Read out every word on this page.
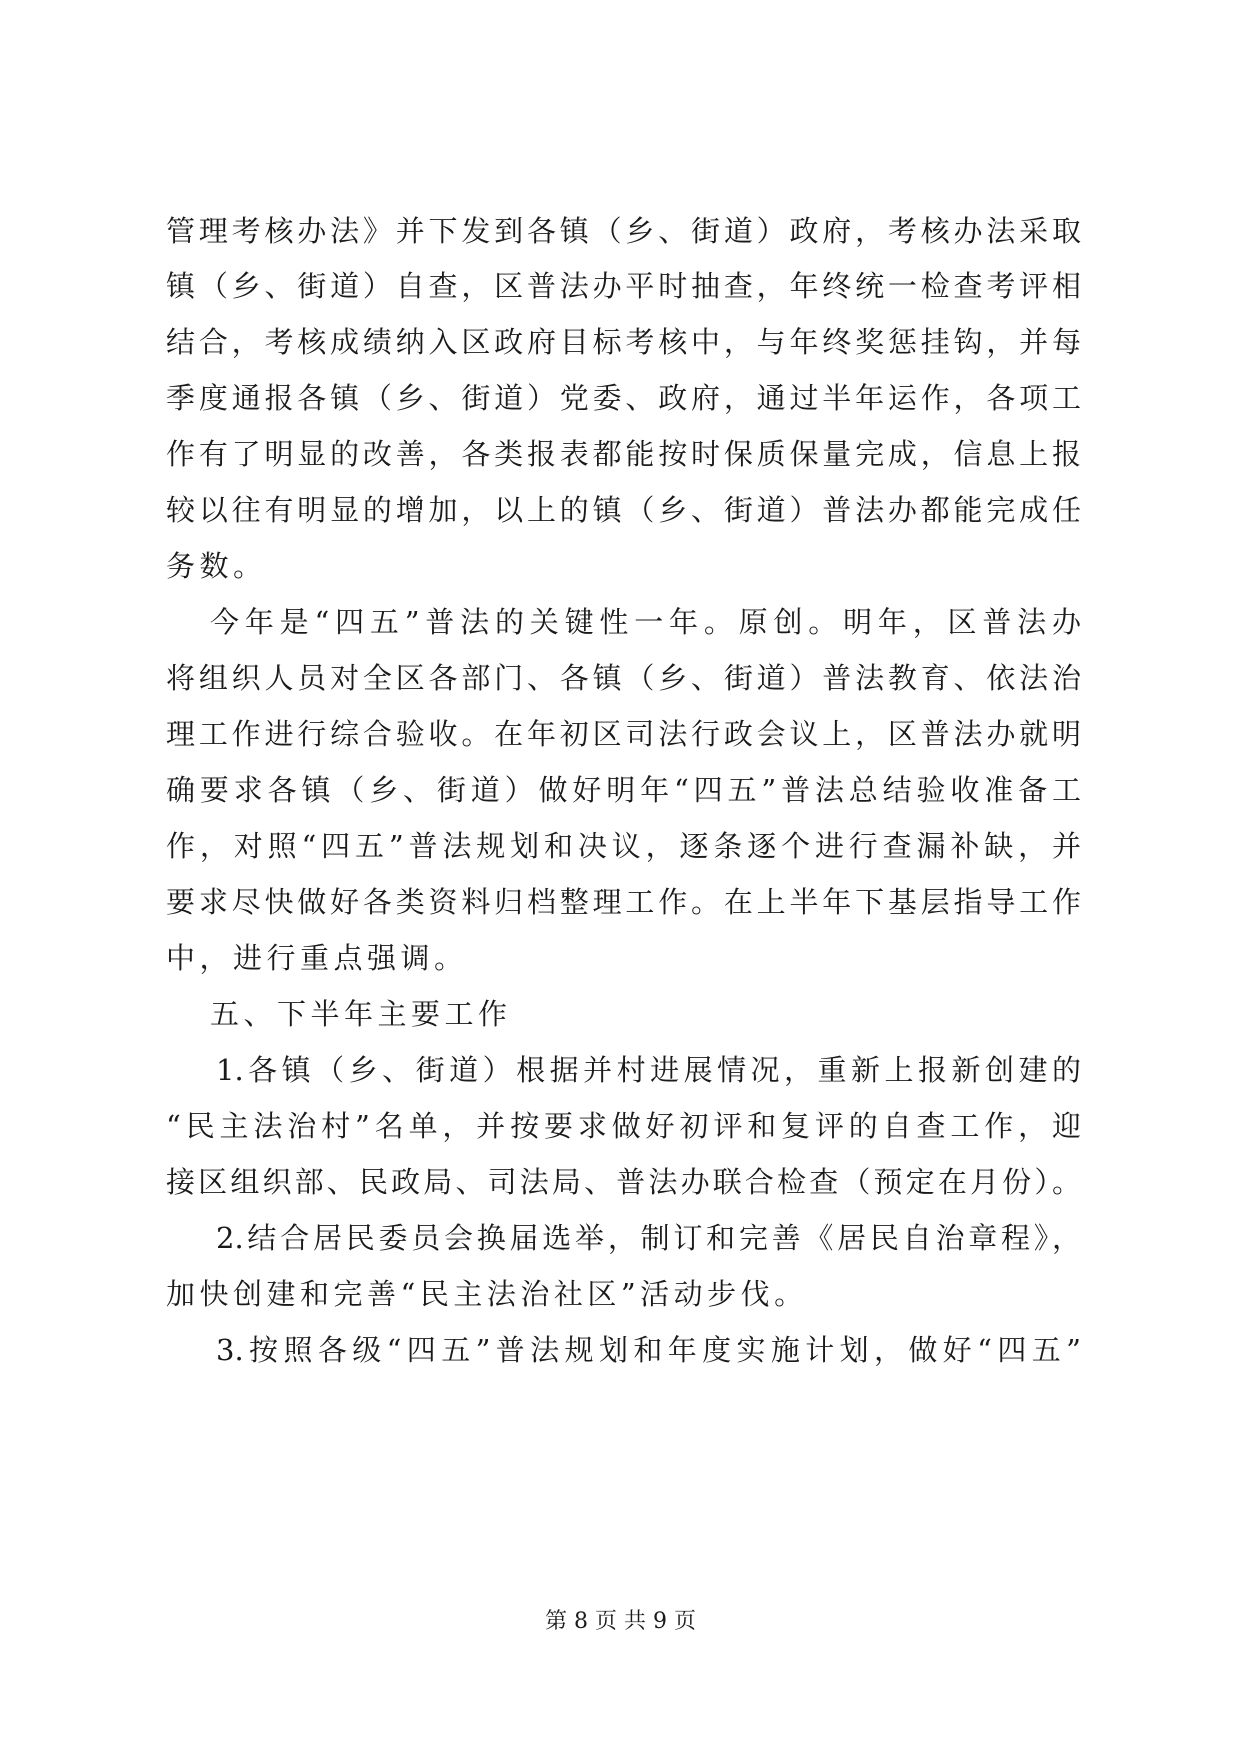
管理考核办法》并下发到各镇（乡、街道）政府，考核办法采取
镇（乡、街道）自查，区普法办平时抽查，年终统一检查考评相
结合，考核成绩纳入区政府目标考核中，与年终奖惩挂钩，并每
季度通报各镇（乡、街道）党委、政府，通过半年运作，各项工
作有了明显的改善，各类报表都能按时保质保量完成，信息上报
较以往有明显的增加，以上的镇（乡、街道）普法办都能完成任
务数。
今年是“四五”普法的关键性一年。原创。明年，区普法办
将组织人员对全区各部门、各镇（乡、街道）普法教育、依法治
理工作进行综合验收。在年初区司法行政会议上，区普法办就明
确要求各镇（乡、街道）做好明年“四五”普法总结验收准备工
作，对照“四五”普法规划和决议，逐条逐个进行查漏补缺，并
要求尽快做好各类资料归档整理工作。在上半年下基层指导工作
中，进行重点强调。
五、下半年主要工作
1.各镇（乡、街道）根据并村进展情况，重新上报新创建的
“民主法治村”名单，并按要求做好初评和复评的自查工作，迎
接区组织部、民政局、司法局、普法办联合检查（预定在月份）。
2.结合居民委员会换届选举，制订和完善《居民自治章程》，
加快创建和完善“民主法治社区”活动步伐。
3.按照各级“四五”普法规划和年度实施计划，做好“四五”
第 8 页 共 9 页
